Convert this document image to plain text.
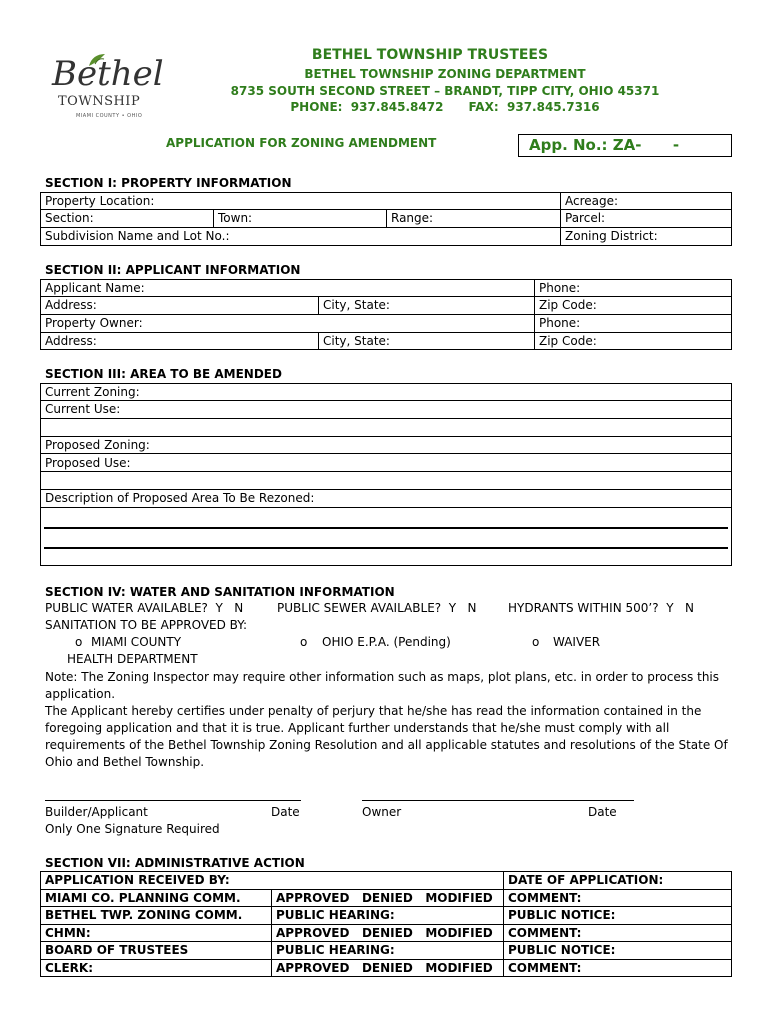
Bethel
TOWNSHIP
MIAMI COUNTY • OHIO
BETHEL TOWNSHIP TRUSTEES
BETHEL TOWNSHIP ZONING DEPARTMENT
8735 SOUTH SECOND STREET – BRANDT, TIPP CITY, OHIO 45371
PHONE:  937.845.8472      FAX:  937.845.7316
APPLICATION FOR ZONING AMENDMENT	App. No.: ZA-      -
SECTION I: PROPERTY INFORMATION
Property Location:	Acreage:
Section:	Town:	Range:	Parcel:
Subdivision Name and Lot No.:	Zoning District:
SECTION II: APPLICANT INFORMATION
Applicant Name:	Phone:
Address:	City, State:	Zip Code:
Property Owner:	Phone:
Address:	City, State:	Zip Code:
SECTION III: AREA TO BE AMENDED
Current Zoning:
Current Use:
Proposed Zoning:
Proposed Use:
Description of Proposed Area To Be Rezoned:
SECTION IV: WATER AND SANITATION INFORMATION
PUBLIC WATER AVAILABLE?  Y   N	PUBLIC SEWER AVAILABLE?  Y   N	HYDRANTS WITHIN 500’?  Y   N
SANITATION TO BE APPROVED BY:
o MIAMI COUNTY
HEALTH DEPARTMENT
o OHIO E.P.A. (Pending)	o WAIVER
Note: The Zoning Inspector may require other information such as maps, plot plans, etc. in order to process this
application.
The Applicant hereby certifies under penalty of perjury that he/she has read the information contained in the
foregoing application and that it is true. Applicant further understands that he/she must comply with all
requirements of the Bethel Township Zoning Resolution and all applicable statutes and resolutions of the State Of
Ohio and Bethel Township.
Builder/Applicant	Date	Owner	Date
Only One Signature Required
SECTION VII: ADMINISTRATIVE ACTION
APPLICATION RECEIVED BY:	DATE OF APPLICATION:
MIAMI CO. PLANNING COMM.	APPROVED   DENIED   MODIFIED COMMENT:
BETHEL TWP. ZONING COMM.	PUBLIC HEARING:	PUBLIC NOTICE:
CHMN:	APPROVED   DENIED   MODIFIED COMMENT:
BOARD OF TRUSTEES	PUBLIC HEARING:	PUBLIC NOTICE:
CLERK:	APPROVED   DENIED   MODIFIED COMMENT:
